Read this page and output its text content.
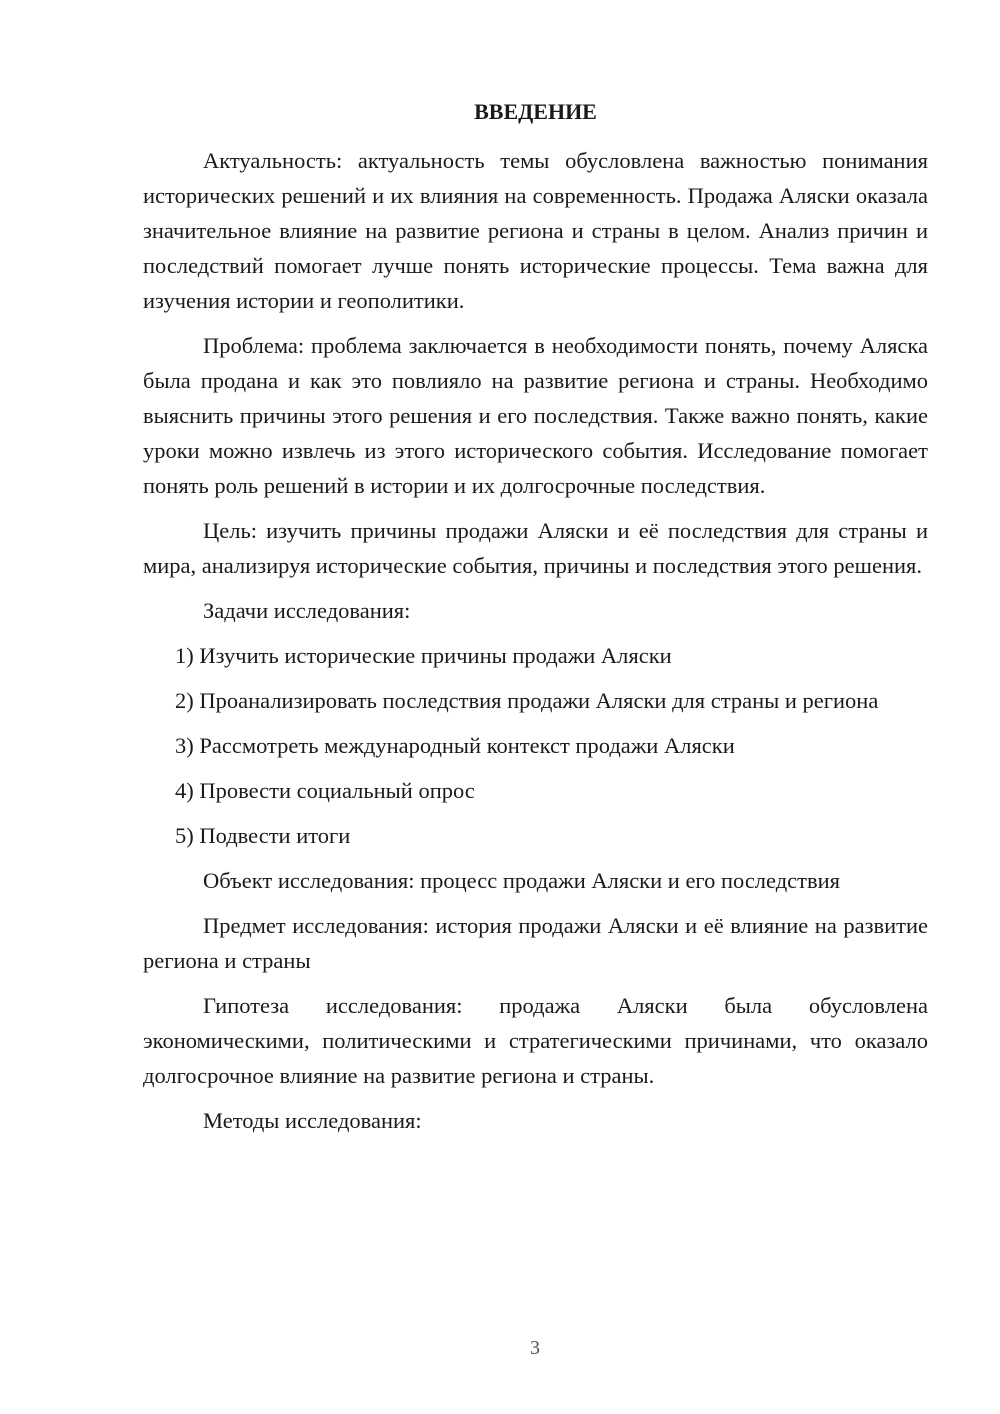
ВВЕДЕНИЕ

Актуальность: актуальность темы обусловлена важностью понимания исторических решений и их влияния на современность. Продажа Аляски оказала значительное влияние на развитие региона и страны в целом. Анализ причин и последствий помогает лучше понять исторические процессы. Тема важна для изучения истории и геополитики.

Проблема: проблема заключается в необходимости понять, почему Аляска была продана и как это повлияло на развитие региона и страны. Необходимо выяснить причины этого решения и его последствия. Также важно понять, какие уроки можно извлечь из этого исторического события. Исследование помогает понять роль решений в истории и их долгосрочные последствия.

Цель: изучить причины продажи Аляски и её последствия для страны и мира, анализируя исторические события, причины и последствия этого решения.

Задачи исследования:

1) Изучить исторические причины продажи Аляски

2) Проанализировать последствия продажи Аляски для страны и региона

3) Рассмотреть международный контекст продажи Аляски

4) Провести социальный опрос

5) Подвести итоги

Объект исследования: процесс продажи Аляски и его последствия

Предмет исследования: история продажи Аляски и её влияние на развитие региона и страны

Гипотеза исследования: продажа Аляски была обусловлена экономическими, политическими и стратегическими причинами, что оказало долгосрочное влияние на развитие региона и страны.

Методы исследования:

3
